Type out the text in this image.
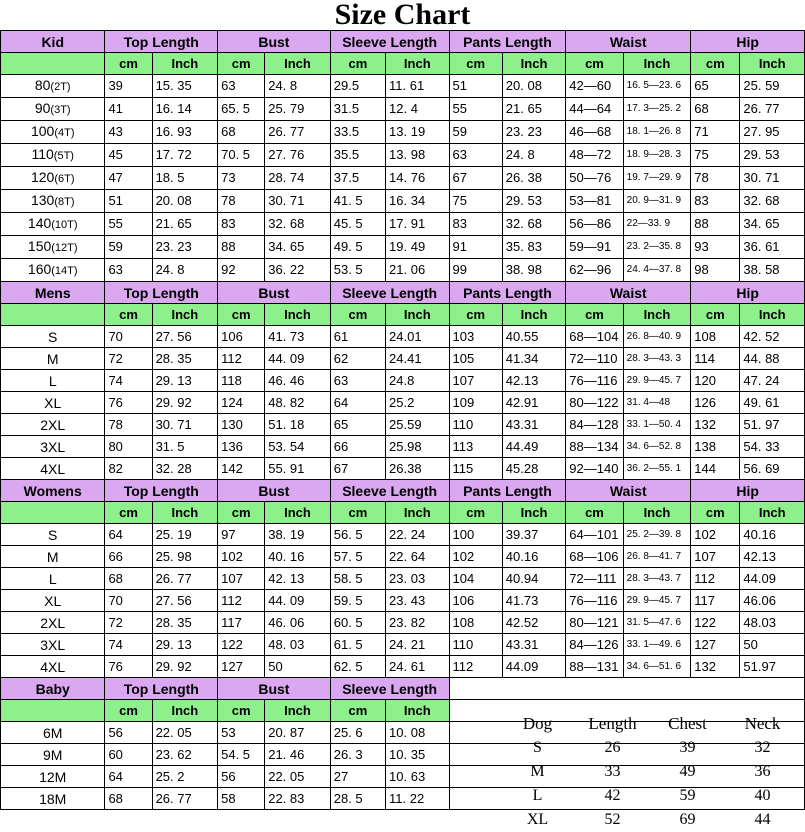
Size Chart
Kid	Top Length		Bust		Sleeve Length		Pants Length		Waist		Hip	
	cm	Inch	cm	Inch	cm	Inch	cm	Inch	cm	Inch	cm	Inch
80(2T)	39	15. 35	63	24. 8	29.5	11. 61	51	20. 08	42—60	16. 5—23. 6	65	25. 59
90(3T)	41	16. 14	65. 5	25. 79	31.5	12. 4	55	21. 65	44—64	17. 3—25. 2	68	26. 77
100(4T)	43	16. 93	68	26. 77	33.5	13. 19	59	23. 23	46—68	18. 1—26. 8	71	27. 95
110(5T)	45	17. 72	70. 5	27. 76	35.5	13. 98	63	24. 8	48—72	18. 9—28. 3	75	29. 53
120(6T)	47	18. 5	73	28. 74	37.5	14. 76	67	26. 38	50—76	19. 7—29. 9	78	30. 71
130(8T)	51	20. 08	78	30. 71	41. 5	16. 34	75	29. 53	53—81	20. 9—31. 9	83	32. 68
140(10T)	55	21. 65	83	32. 68	45. 5	17. 91	83	32. 68	56—86	22—33. 9	88	34. 65
150(12T)	59	23. 23	88	34. 65	49. 5	19. 49	91	35. 83	59—91	23. 2—35. 8	93	36. 61
160(14T)	63	24. 8	92	36. 22	53. 5	21. 06	99	38. 98	62—96	24. 4—37. 8	98	38. 58
Mens	Top Length		Bust		Sleeve Length		Pants Length		Waist		Hip	
	cm	Inch	cm	Inch	cm	Inch	cm	Inch	cm	Inch	cm	Inch
S	70	27. 56	106	41. 73	61	24.01	103	40.55	68—104	26. 8—40. 9	108	42. 52
M	72	28. 35	112	44. 09	62	24.41	105	41.34	72—110	28. 3—43. 3	114	44. 88
L	74	29. 13	118	46. 46	63	24.8	107	42.13	76—116	29. 9—45. 7	120	47. 24
XL	76	29. 92	124	48. 82	64	25.2	109	42.91	80—122	31. 4—48	126	49. 61
2XL	78	30. 71	130	51. 18	65	25.59	110	43.31	84—128	33. 1—50. 4	132	51. 97
3XL	80	31. 5	136	53. 54	66	25.98	113	44.49	88—134	34. 6—52. 8	138	54. 33
4XL	82	32. 28	142	55. 91	67	26.38	115	45.28	92—140	36. 2—55. 1	144	56. 69
Womens	Top Length		Bust		Sleeve Length		Pants Length		Waist		Hip	
	cm	Inch	cm	Inch	cm	Inch	cm	Inch	cm	Inch	cm	Inch
S	64	25. 19	97	38. 19	56. 5	22. 24	100	39.37	64—101	25. 2—39. 8	102	40.16
M	66	25. 98	102	40. 16	57. 5	22. 64	102	40.16	68—106	26. 8—41. 7	107	42.13
L	68	26. 77	107	42. 13	58. 5	23. 03	104	40.94	72—111	28. 3—43. 7	112	44.09
XL	70	27. 56	112	44. 09	59. 5	23. 43	106	41.73	76—116	29. 9—45. 7	117	46.06
2XL	72	28. 35	117	46. 06	60. 5	23. 82	108	42.52	80—121	31. 5—47. 6	122	48.03
3XL	74	29. 13	122	48. 03	61. 5	24. 21	110	43.31	84—126	33. 1—49. 6	127	50
4XL	76	29. 92	127	50	62. 5	24. 61	112	44.09	88—131	34. 6—51. 6	132	51.97
Baby	Top Length		Bust		Sleeve Length							
	cm	Inch	cm	Inch	cm	Inch						
6M	56	22. 05	53	20. 87	25. 6	10. 08						
9M	60	23. 62	54. 5	21. 46	26. 3	10. 35						
12M	64	25. 2	56	22. 05	27	10. 63						
18M	68	26. 77	58	22. 83	28. 5	11. 22						
Dog	Length	Chest	Neck
S	26	39	32
M	33	49	36
L	42	59	40
XL	52	69	44
